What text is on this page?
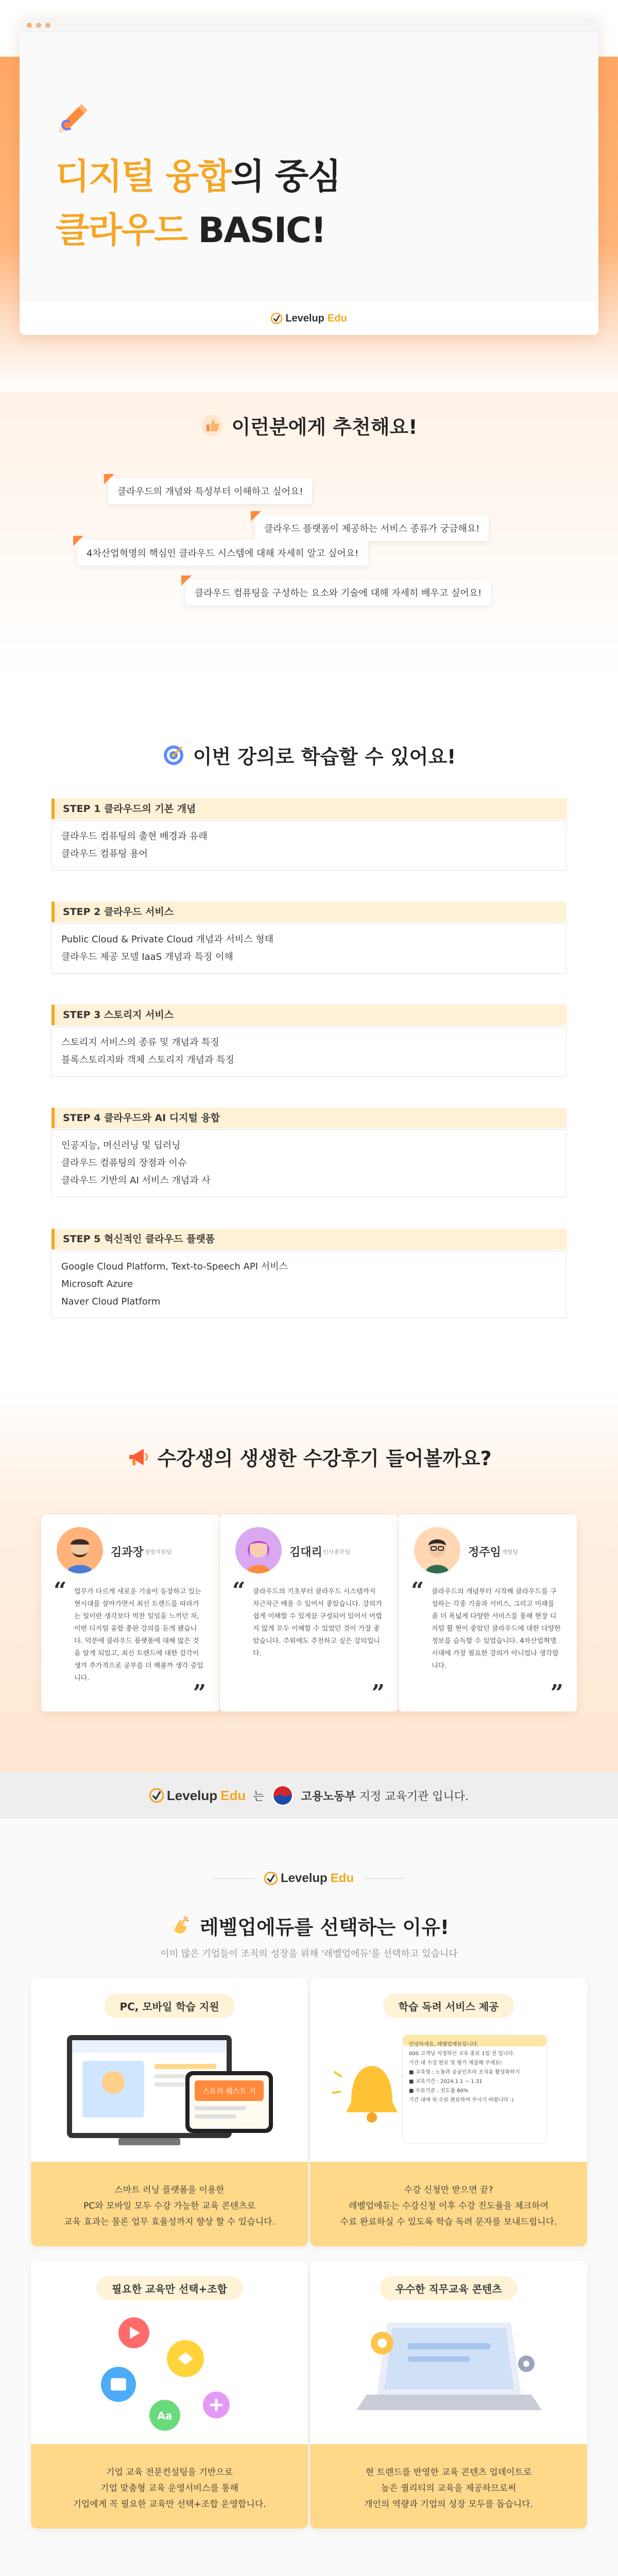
디지털 융합의 중심
클라우드 BASIC!
Levelup Edu
이런분에게 추천해요!
클라우드의 개념와 특성부터 이해하고 싶어요!
클라우드 플랫폼이 제공하는 서비스 종류가 궁금해요!
4차산업혁명의 핵심인 클라우드 시스템에 대해 자세히 알고 싶어요!
클라우드 컴퓨팅을 구성하는 요소와 기술에 대해 자세히 배우고 싶어요!
이번 강의로 학습할 수 있어요!
STEP 1 클라우드의 기본 개념
클라우드 컴퓨팅의 출현 배경과 유래
클라우드 컴퓨팅 용어
STEP 2 클라우드 서비스
Public Cloud & Private Cloud 개념과 서비스 형태
클라우드 제공 모델 IaaS 개념과 특징 이해
STEP 3 스토리지 서비스
스토리지 서비스의 종류 및 개념과 특징
블록스토리지와 객체 스토리지 개념과 특징
STEP 4 클라우드와 AI 디지털 융합
인공지능, 머신러닝 및 딥러닝
클라우드 컴퓨팅의 장점과 이슈
클라우드 기반의 AI 서비스 개념과 사
STEP 5 혁신적인 클라우드 플랫폼
Google Cloud Platform, Text-to-Speech API 서비스
Microsoft Azure
Naver Cloud Platform
수강생의 생생한 수강후기 들어볼까요?
김과장 경영지원팀
“ 업무가 다르게 새로운 기술이 등장하고 있는 현시대를 살아가면서 최신 트렌드를 따라가는 일이란 생각보다 벅찬 일임을 느끼던 차, 이번 디지털 융합 총판 강의를 듣게 됐습니다. 덕분에 클라우드 플랫폼에 대해 많은 것을 알게 되었고, 최신 트렌드에 대한 감각이 생겨 추가적으로 공부를 더 해볼까 생각 중입니다.
”
김대리 인사총무팀
“ 클라우드의 기초부터 클라우드 시스템까지 차근차근 배울 수 있어서 좋았습니다. 강의가 쉽게 이해할 수 있게끔 구성되어 있어서 어렵지 않게 모두 이해할 수 있었던 것이 가장 좋았습니다. 주위에도 추천하고 싶은 강의입니다.
”
정주임 개발팀
“ 클라우드의 개념부터 시작해 클라우드를 구성하는 각종 기술과 서비스, 그리고 미래를 좀 더 폭넓게 다양한 서비스를 통해 현장 디지털 활 현이 좋았던 클라우드에 대한 다양한 정보를 습득할 수 있었습니다. 4차산업혁명 시대에 가장 필요한 강의가 아니었나 생각합니다.
”
Levelup Edu 는	고용노동부 지정 교육기관 입니다.

Levelup Edu

레벨업에듀를 선택하는 이유!
이미 많은 기업들이 조직의 성장을 위해 '레벨업에듀'를 선택하고 있습니다
PC, 모바일 학습 지원
스토리 퀘스트 기
스마트 러닝 플랫폼을 이용한
PC와 모바일 모두 수강 가능한 교육 콘텐츠로
교육 효과는 물론 업무 효율성까지 향상 할 수 있습니다.
학습 독려 서비스 제공
안녕하세요, 레벨업에듀입니다.
000 고객님 지정하신 교육 종료 1일 전 입니다.
기간 내 수강 완료 및 평가 제출해 주세요!
■ 교육명 : 노동과 공공인프라 조직을 활성화하기
■ 교육기간 : 2024.1.1 ~ 1.31
■ 수료기준 : 진도율 80%
기간 내에 꼭 수료 완료하여 주시기 바랍니다 :)
수강 신청만 받으면 끝?
레벨업에듀는 수강신청 이후 수강 진도율을 체크하여
수료 완료하실 수 있도록 학습 독려 문자를 보내드립니다.
필요한 교육만 선택+조합
Aa
기업 교육 전문컨설팅을 기반으로
기업 맞춤형 교육 운영서비스를 통해
기업에게 꼭 필요한 교육만 선택+조합 운영합니다.
우수한 직무교육 콘텐츠
현 트렌드를 반영한 교육 콘텐츠 업데이트로
높은 퀄리티의 교육을 제공하므로써
개인의 역량과 기업의 성장 모두를 돕습니다.
